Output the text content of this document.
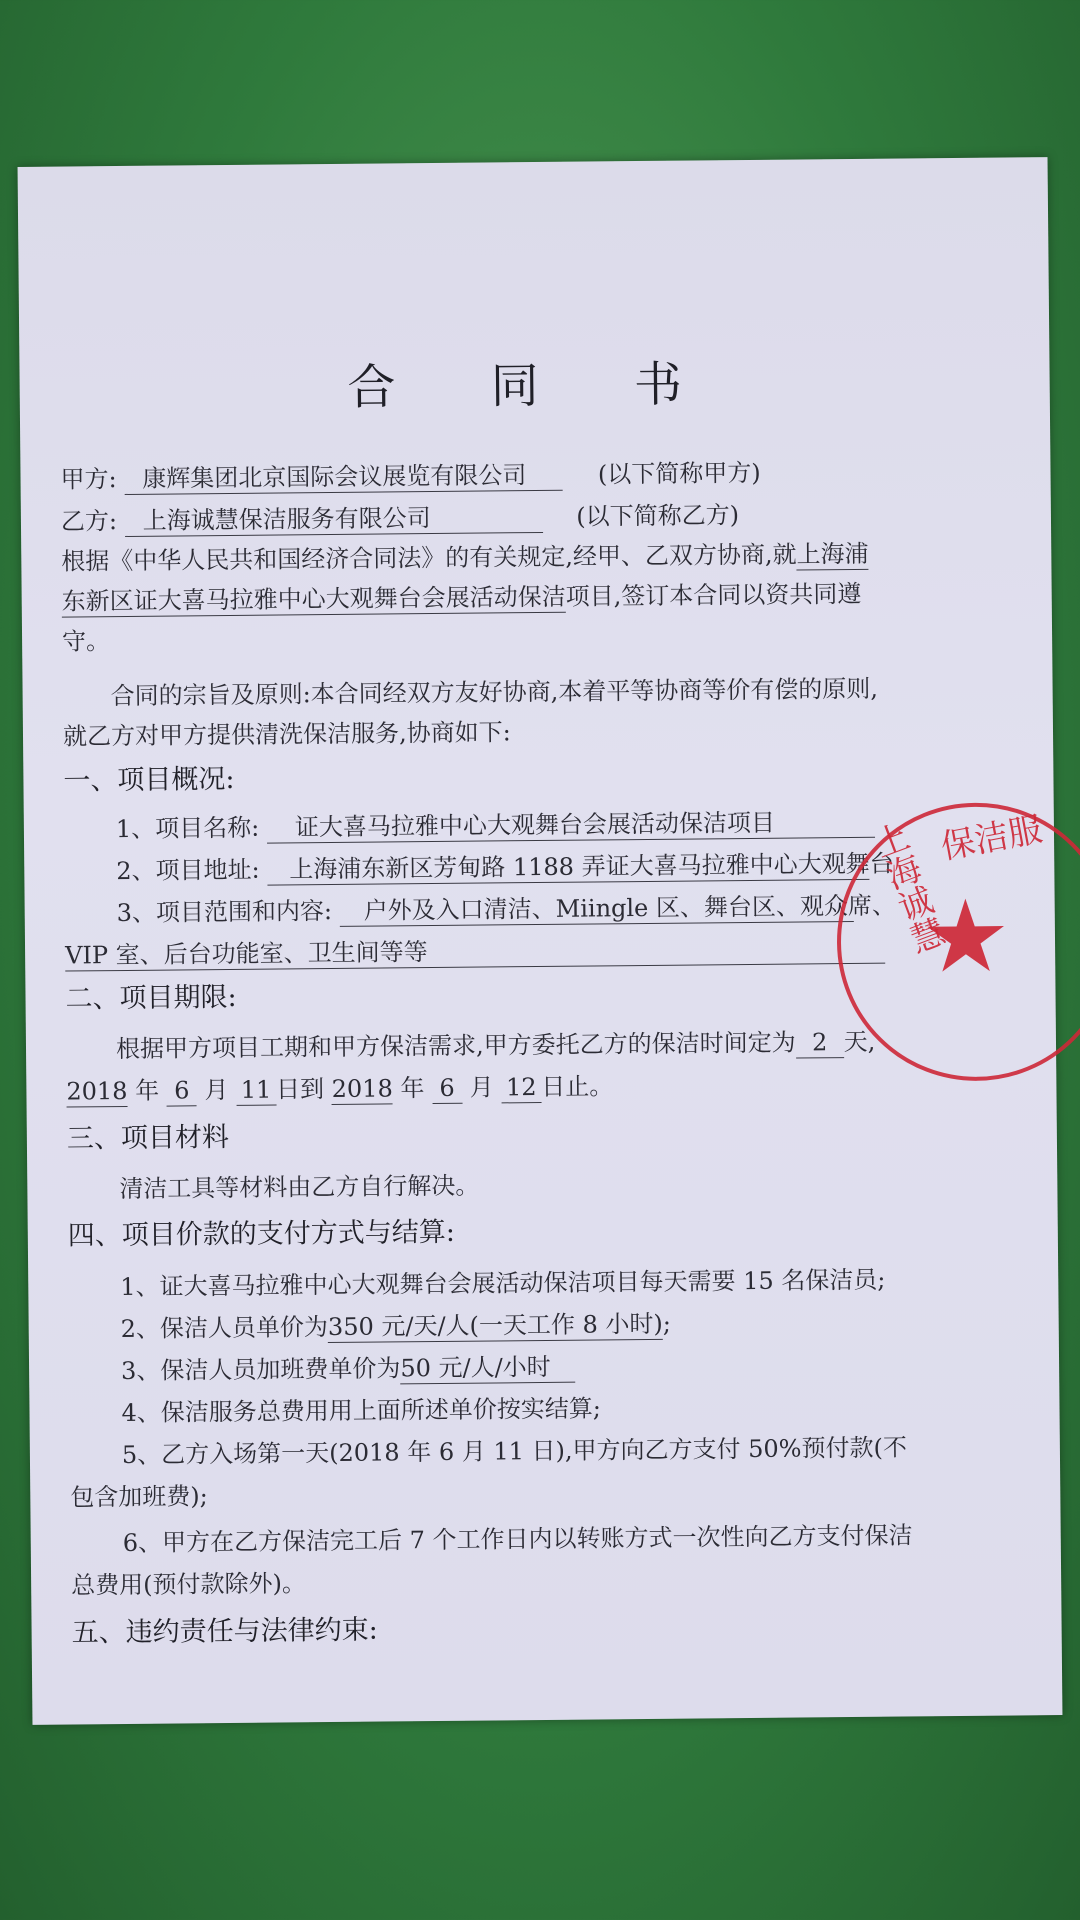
合 同 书
甲方: 康辉集团北京国际会议展览有限公司	(以下简称甲方)
乙方: 上海诚慧保洁服务有限公司	(以下简称乙方)
根据《中华人民共和国经济合同法》的有关规定,经甲、乙双方协商,就上海浦
东新区证大喜马拉雅中心大观舞台会展活动保洁项目,签订本合同以资共同遵
守。
合同的宗旨及原则:本合同经双方友好协商,本着平等协商等价有偿的原则,
就乙方对甲方提供清洗保洁服务,协商如下:
一、项目概况:
1、项目名称: 证大喜马拉雅中心大观舞台会展活动保洁项目
2、项目地址: 上海浦东新区芳甸路 1188 弄证大喜马拉雅中心大观舞台
3、项目范围和内容: 户外及入口清洁、Miingle 区、舞台区、观众席、
VIP 室、后台功能室、卫生间等等
二、项目期限:
根据甲方项目工期和甲方保洁需求,甲方委托乙方的保洁时间定为 2 天,
2018 年 6 月 11 日到 2018 年 6 月 12 日止。
三、项目材料
清洁工具等材料由乙方自行解决。
四、项目价款的支付方式与结算:
1、证大喜马拉雅中心大观舞台会展活动保洁项目每天需要 15 名保洁员;
2、保洁人员单价为350 元/天/人(一天工作 8 小时);
3、保洁人员加班费单价为50 元/人/小时
4、保洁服务总费用用上面所述单价按实结算;
5、乙方入场第一天(2018 年 6 月 11 日),甲方向乙方支付 50%预付款(不
包含加班费);
6、甲方在乙方保洁完工后 7 个工作日内以转账方式一次性向乙方支付保洁
总费用(预付款除外)。
五、违约责任与法律约束:
上海诚慧
保洁服
★
